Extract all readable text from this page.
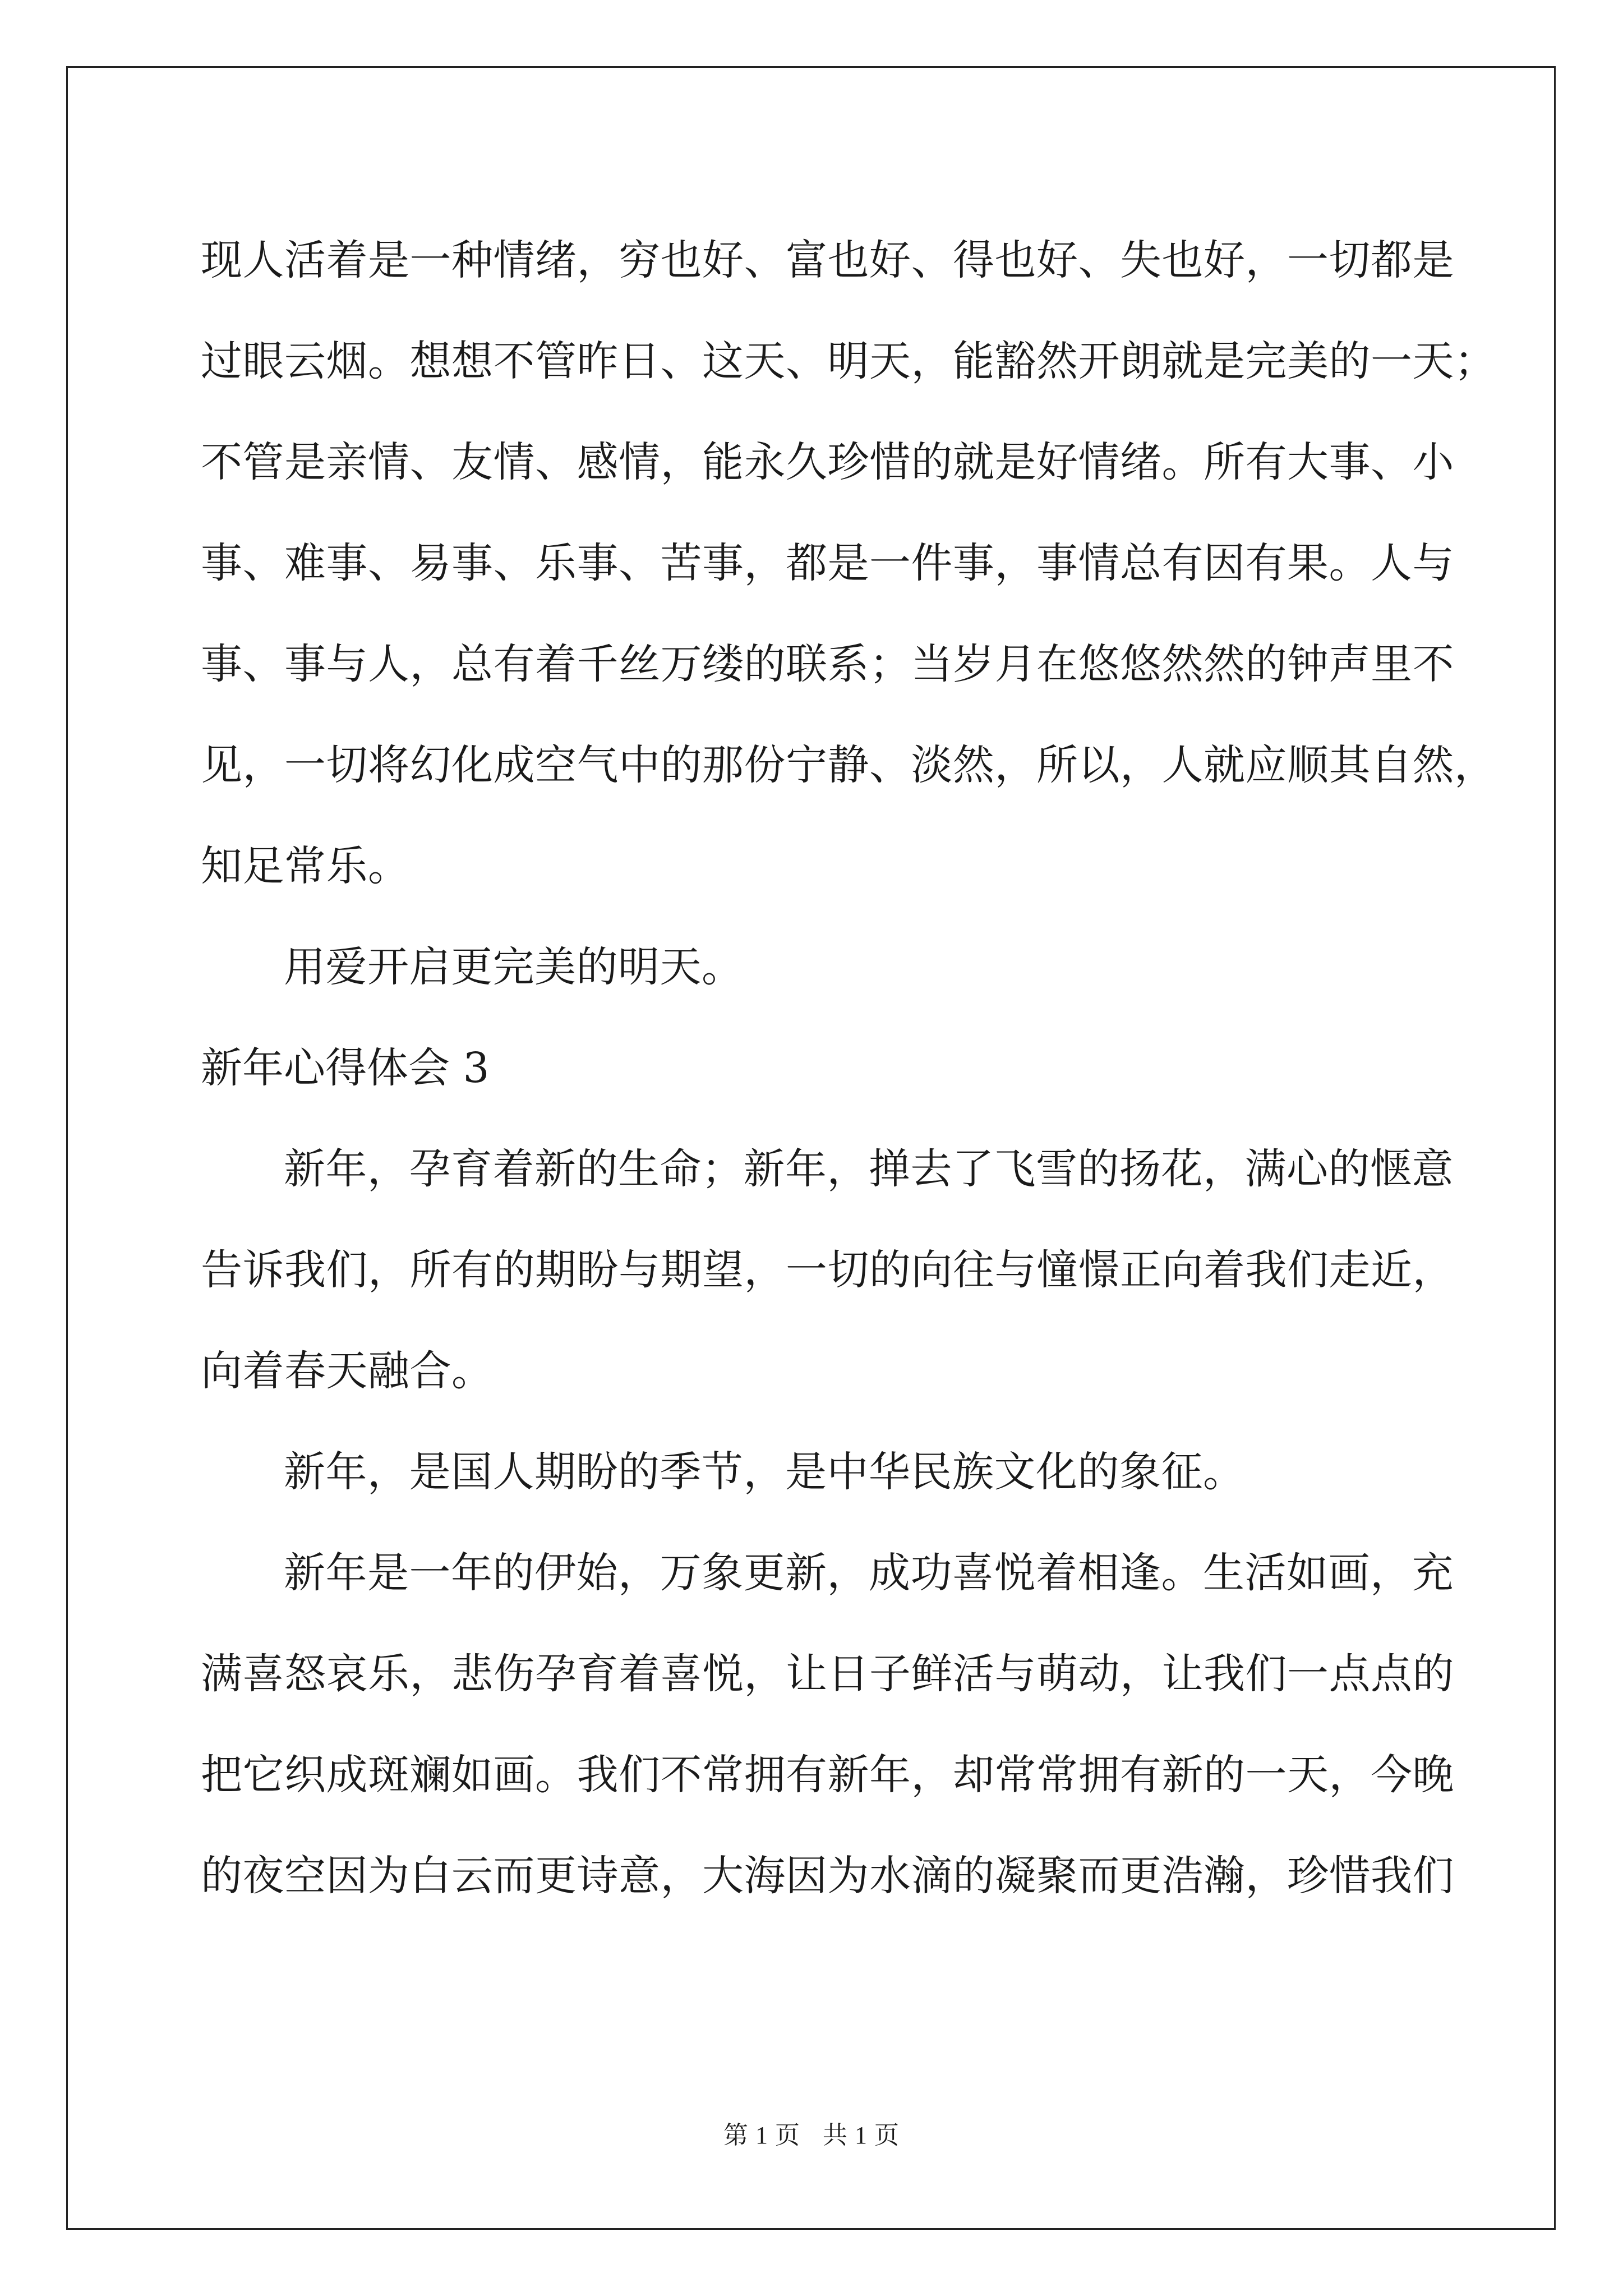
现人活着是一种情绪，穷也好、富也好、得也好、失也好，一切都是
过眼云烟。想想不管昨日、这天、明天，能豁然开朗就是完美的一天；
不管是亲情、友情、感情，能永久珍惜的就是好情绪。所有大事、小
事、难事、易事、乐事、苦事，都是一件事，事情总有因有果。人与
事、事与人，总有着千丝万缕的联系；当岁月在悠悠然然的钟声里不
见，一切将幻化成空气中的那份宁静、淡然，所以，人就应顺其自然，
知足常乐。

用爱开启更完美的明天。

新年心得体会 3

新年，孕育着新的生命；新年，掸去了飞雪的扬花，满心的惬意
告诉我们，所有的期盼与期望，一切的向往与憧憬正向着我们走近，
向着春天融合。

新年，是国人期盼的季节，是中华民族文化的象征。

新年是一年的伊始，万象更新，成功喜悦着相逢。生活如画，充
满喜怒哀乐，悲伤孕育着喜悦，让日子鲜活与萌动，让我们一点点的
把它织成斑斓如画。我们不常拥有新年，却常常拥有新的一天，今晚
的夜空因为白云而更诗意，大海因为水滴的凝聚而更浩瀚，珍惜我们

第 1 页 共 1 页
